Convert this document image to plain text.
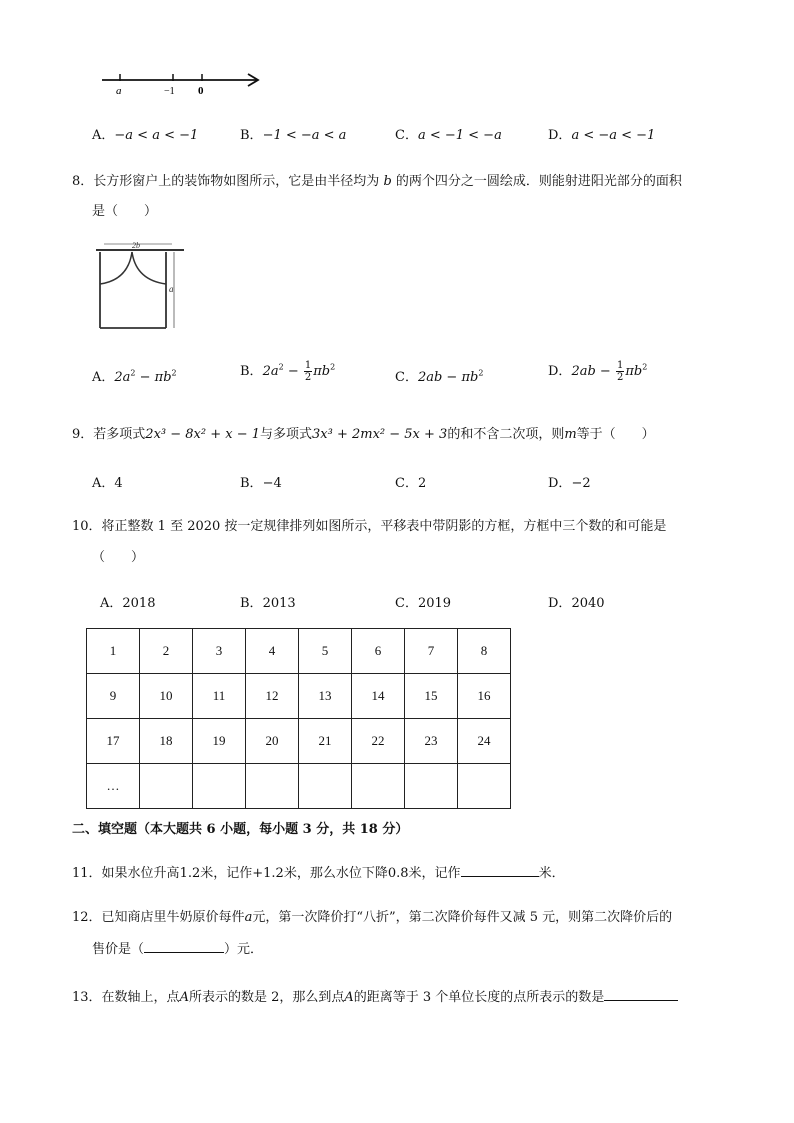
a	−1 0
A．−a < a < −1	B．−1 < −a < a	C．a < −1 < −a	D．a < −a < −1
8．长方形窗户上的装饰物如图所示，它是由半径均为 b 的两个四分之一圆绘成．则能射进阳光部分的面积
是（　　）
2b
a
A．$2a^2 - \pi b^2$	B．$2a^2 - \frac{1}{2} \pi b^2$
C．$2ab - \pi b^2$	D．$2ab - \frac{1}{2} \pi b^2$
9．若多项式2x³ − 8x² + x − 1与多项式3x³ + 2mx² − 5x + 3的和不含二次项，则m等于（　　）
A．4	B．−4	C．2	D．−2
10．将正整数 1 至 2020 按一定规律排列如图所示，平移表中带阴影的方框，方框中三个数的和可能是
（　　）
A．2018	B．2013	C．2019	D．2040
1	2	3	4	5	6	7	8
9	10	11	12	13	14	15	16
17	18	19	20	21	22	23	24
…							
二、填空题（本大题共 6 小题，每小题 3 分，共 18 分）
11．如果水位升高1.2米，记作+1.2米，那么水位下降0.8米，记作	米．
12．已知商店里牛奶原价每件a元，第一次降价打“八折”，第二次降价每件又减 5 元，则第二次降价后的
售价是（	）元．
13．在数轴上，点A所表示的数是 2，那么到点A的距离等于 3 个单位长度的点所表示的数是
